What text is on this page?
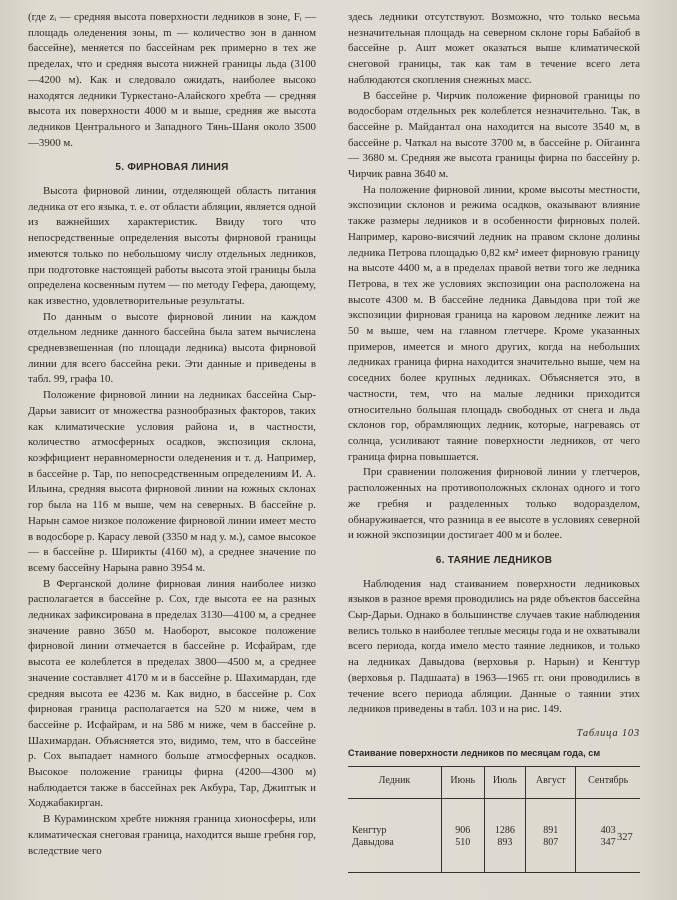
(где zᵢ — средняя высота поверхности ледников в зоне, Fᵢ — площадь оледенения зоны, m — количество зон в данном бассейне), меняется по бассейнам рек примерно в тех же пределах, что и средняя высота нижней границы льда (3100—4200 м). Как и следовало ожидать, наиболее высоко находятся ледники Туркестано-Алайского хребта — средняя высота их поверхности 4000 м и выше, средняя же высота ледников Центрального и Западного Тянь-Шаня около 3500—3900 м.

5. ФИРНОВАЯ ЛИНИЯ

Высота фирновой линии, отделяющей область питания ледника от его языка, т. е. от области абляции, является одной из важнейших характеристик. Ввиду того что непосредственные определения высоты фирновой границы имеются только по небольшому числу отдельных ледников, при подготовке настоящей работы высота этой границы была определена косвенным путем — по методу Гефера, дающему, как известно, удовлетворительные результаты.

По данным о высоте фирновой линии на каждом отдельном леднике данного бассейна была затем вычислена средневзвешенная (по площади ледника) высота фирновой линии для всего бассейна реки. Эти данные и приведены в табл. 99, графа 10.

Положение фирновой линии на ледниках бассейна Сыр-Дарьи зависит от множества разнообразных факторов, таких как климатические условия района и, в частности, количество атмосферных осадков, экспозиция склона, коэффициент неравномерности оледенения и т. д. Например, в бассейне р. Тар, по непосредственным определениям И. А. Ильина, средняя высота фирновой линии на южных склонах гор была на 116 м выше, чем на северных. В бассейне р. Нарын самое низкое положение фирновой линии имеет место в водосборе р. Карасу левой (3350 м над у. м.), самое высокое — в бассейне р. Ширикты (4160 м), а среднее значение по всему бассейну Нарына равно 3954 м.

В Ферганской долине фирновая линия наиболее низко располагается в бассейне р. Сох, где высота ее на разных ледниках зафиксирована в пределах 3130—4100 м, а среднее значение равно 3650 м. Наоборот, высокое положение фирновой линии отмечается в бассейне р. Исфайрам, где высота ее колеблется в пределах 3800—4500 м, а среднее значение составляет 4170 м и в бассейне р. Шахимардан, где средняя высота ее 4236 м. Как видно, в бассейне р. Сох фирновая граница располагается на 520 м ниже, чем в бассейне р. Исфайрам, и на 586 м ниже, чем в бассейне р. Шахимардан. Объясняется это, видимо, тем, что в бассейне р. Сох выпадает намного больше атмосферных осадков. Высокое положение границы фирна (4200—4300 м) наблюдается также в бассейнах рек Акбура, Тар, Джиптык и Ходжабакирган.

В Кураминском хребте нижняя граница хионосферы, или климатическая снеговая граница, находится выше гребня гор, вследствие чего

здесь ледники отсутствуют. Возможно, что только весьма незначительная площадь на северном склоне горы Бабайоб в бассейне р. Ашт может оказаться выше климатической снеговой границы, так как там в течение всего лета наблюдаются скопления снежных масс.

В бассейне р. Чирчик положение фирновой границы по водосборам отдельных рек колеблется незначительно. Так, в бассейне р. Майдантал она находится на высоте 3540 м, в бассейне р. Чаткал на высоте 3700 м, в бассейне р. Ойгаинга — 3680 м. Средняя же высота границы фирна по бассейну р. Чирчик равна 3640 м.

На положение фирновой линии, кроме высоты местности, экспозиции склонов и режима осадков, оказывают влияние также размеры ледников и в особенности фирновых полей. Например, карово-висячий ледник на правом склоне долины ледника Петрова площадью 0,82 км² имеет фирновую границу на высоте 4400 м, а в пределах правой ветви того же ледника Петрова, в тех же условиях экспозиции она расположена на высоте 4300 м. В бассейне ледника Давыдова при той же экспозиции фирновая граница на каровом леднике лежит на 50 м выше, чем на главном глетчере. Кроме указанных примеров, имеется и много других, когда на небольших ледниках граница фирна находится значительно выше, чем на соседних более крупных ледниках. Объясняется это, в частности, тем, что на малые ледники приходится относительно большая площадь свободных от снега и льда склонов гор, обрамляющих ледник, которые, нагреваясь от солнца, усиливают таяние поверхности ледников, от чего граница фирна повышается.

При сравнении положения фирновой линии у глетчеров, расположенных на противоположных склонах одного и того же гребня и разделенных только водоразделом, обнаруживается, что разница в ее высоте в условиях северной и южной экспозиции достигает 400 м и более.

6. ТАЯНИЕ ЛЕДНИКОВ

Наблюдения над стаиванием поверхности ледниковых языков в разное время проводились на ряде объектов бассейна Сыр-Дарьи. Однако в большинстве случаев такие наблюдения велись только в наиболее теплые месяцы года и не охватывали всего периода, когда имело место таяние ледников, и только на ледниках Давыдова (верховья р. Нарын) и Кенгтур (верховья р. Падшаата) в 1963—1965 гг. они проводились в течение всего периода абляции. Данные о таянии этих ледников приведены в табл. 103 и на рис. 149.

Таблица 103
Стаивание поверхности ледников по месяцам года, см
Ледник	Июнь	Июль	Август	Сентябрь
Кенгтур	906	1286	891	403
Давыдова	510	893	807	347 327
